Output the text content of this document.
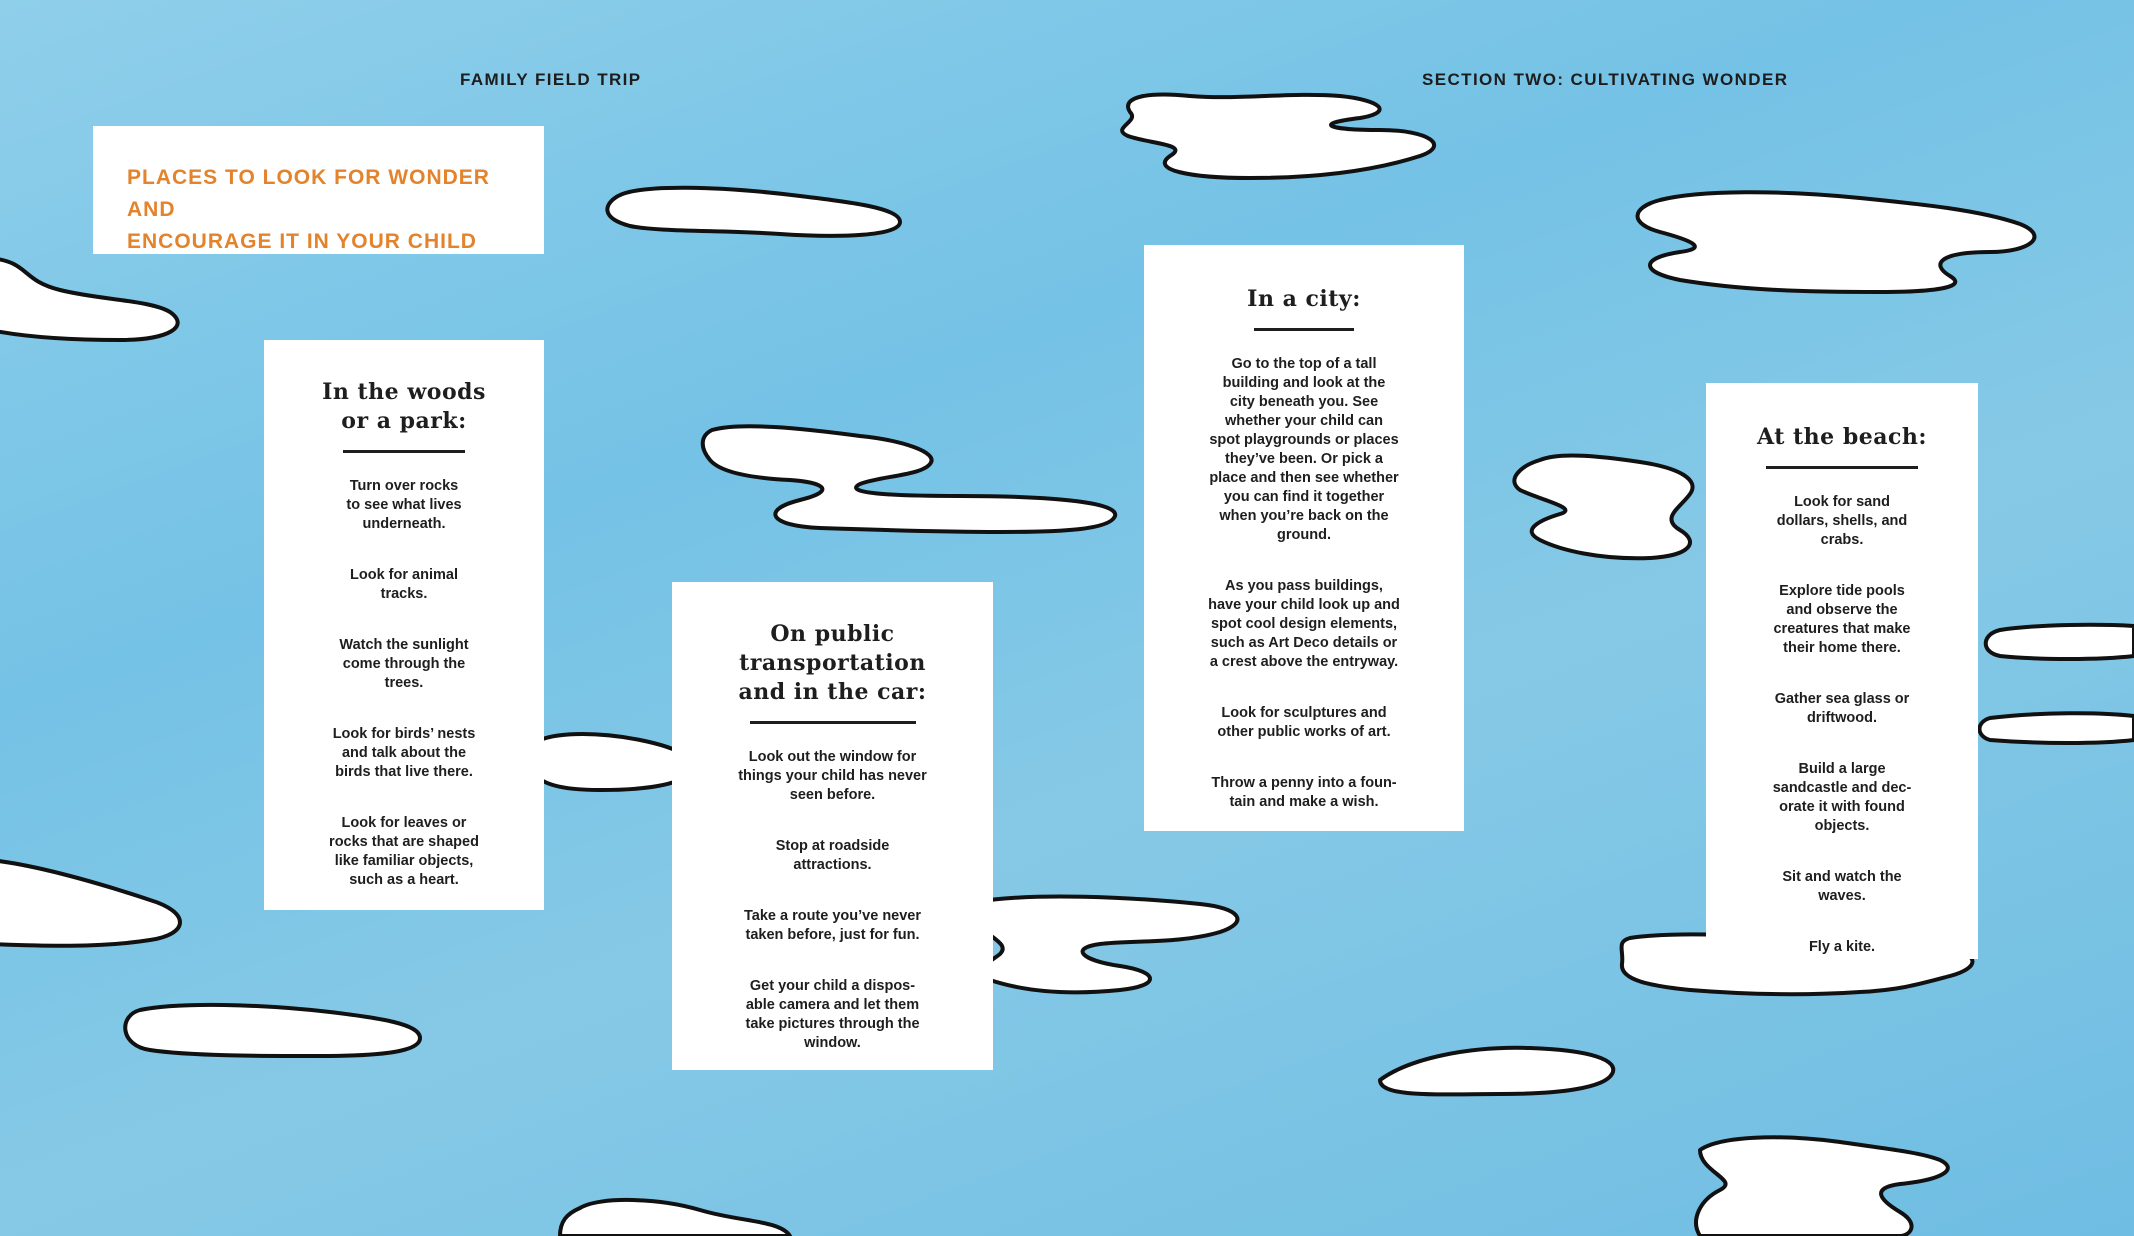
FAMILY FIELD TRIP	SECTION TWO: CULTIVATING WONDER
PLACES TO LOOK FOR WONDER AND
ENCOURAGE IT IN YOUR CHILD
In the woods
or a park:
Turn over rocks
to see what lives
underneath.
Look for animal
tracks.
Watch the sunlight
come through the
trees.
Look for birds’ nests
and talk about the
birds that live there.
Look for leaves or
rocks that are shaped
like familiar objects,
such as a heart.
On public
transportation
and in the car:
Look out the window for
things your child has never
seen before.
Stop at roadside
attractions.
Take a route you’ve never
taken before, just for fun.
Get your child a dispos-
able camera and let them
take pictures through the
window.
In a city:
Go to the top of a tall
building and look at the
city beneath you. See
whether your child can
spot playgrounds or places
they’ve been. Or pick a
place and then see whether
you can find it together
when you’re back on the
ground.
As you pass buildings,
have your child look up and
spot cool design elements,
such as Art Deco details or
a crest above the entryway.
Look for sculptures and
other public works of art.
Throw a penny into a foun-
tain and make a wish.
At the beach:
Look for sand
dollars, shells, and
crabs.
Explore tide pools
and observe the
creatures that make
their home there.
Gather sea glass or
driftwood.
Build a large
sandcastle and dec-
orate it with found
objects.
Sit and watch the
waves.
Fly a kite.
